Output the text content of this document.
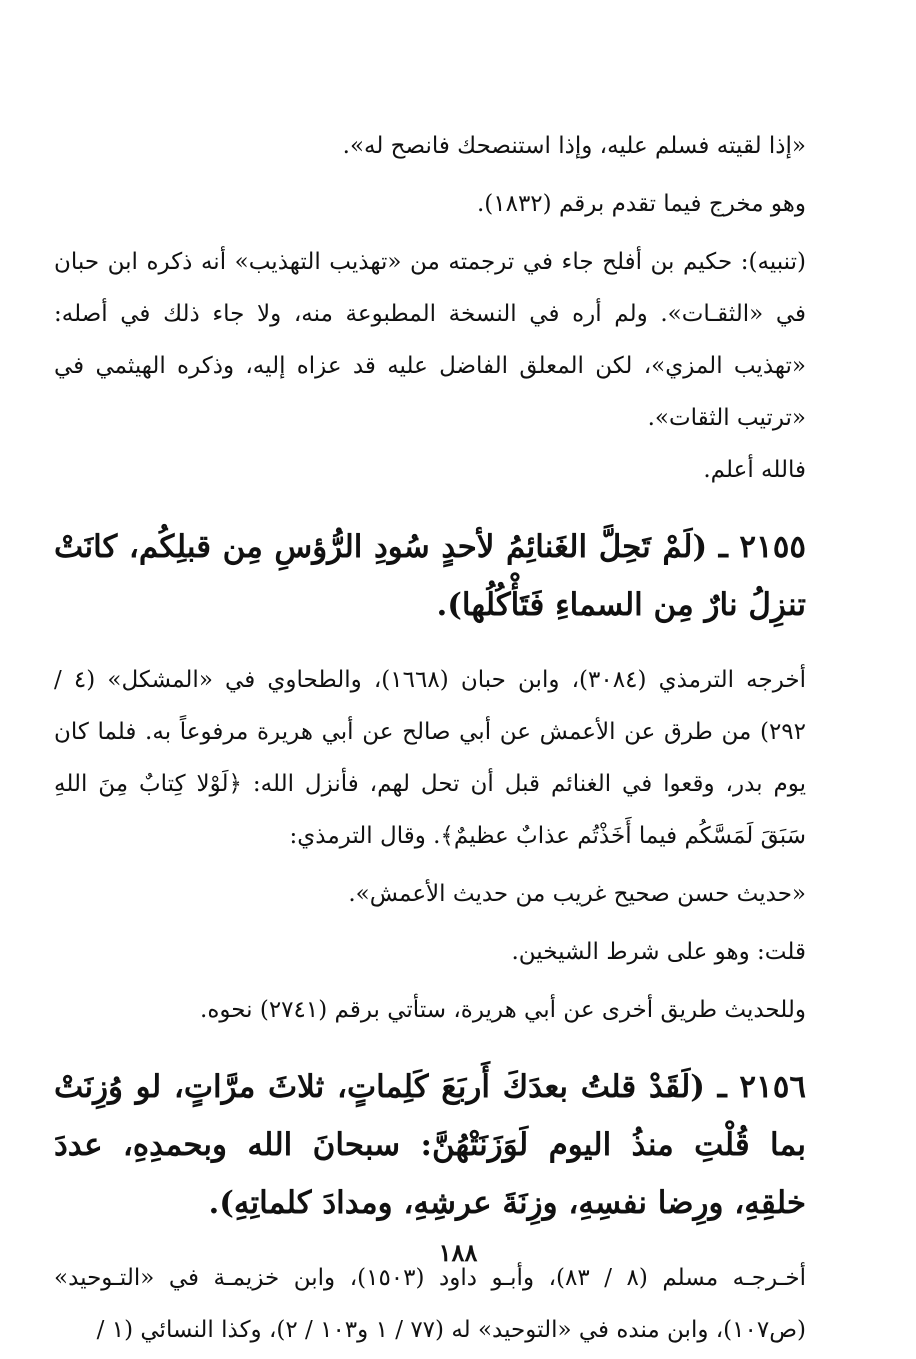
«إذا لقيته فسلم عليه، وإذا استنصحك فانصح له».

وهو مخرج فيما تقدم برقم (١٨٣٢).

(تنبيه): حكيم بن أفلح جاء في ترجمته من «تهذيب التهذيب» أنه ذكره ابن حبان في «الثقـات». ولم أره في النسخة المطبوعة منه، ولا جاء ذلك في أصله: «تهذيب المزي»، لكن المعلق الفاضل عليه قد عزاه إليه، وذكره الهيثمي في «ترتيب الثقات».

فالله أعلم.

٢١٥٥ ـ (لَمْ تَحِلَّ الغَنائِمُ لأحدٍ سُودِ الرُّؤسِ مِن قبلِكُم، كانَتْ تنزِلُ نارٌ مِن السماءِ فَتَأْكُلُها).

أخرجه الترمذي (٣٠٨٤)، وابن حبان (١٦٦٨)، والطحاوي في «المشكل» (٤ / ٢٩٢) من طرق عن الأعمش عن أبي صالح عن أبي هريرة مرفوعاً به. فلما كان يوم بدر، وقعوا في الغنائم قبل أن تحل لهم، فأنزل الله: ﴿لَوْلا كِتابٌ مِنَ اللهِ سَبَقَ لَمَسَّكُم فيما أَخَذْتُم عذابٌ عظيمٌ﴾. وقال الترمذي:

«حديث حسن صحيح غريب من حديث الأعمش».

قلت: وهو على شرط الشيخين.

وللحديث طريق أخرى عن أبي هريرة، ستأتي برقم (٢٧٤١) نحوه.

٢١٥٦ ـ (لَقَدْ قلتُ بعدَكَ أَربَعَ كَلِماتٍ، ثلاثَ مرَّاتٍ، لو وُزِنَتْ بما قُلْتِ منذُ اليوم لَوَزَنَتْهُنَّ: سبحانَ الله وبحمدِهِ، عددَ خلقِهِ، ورِضا نفسِهِ، وزِنَةَ عرشِهِ، ومدادَ كلماتِهِ).

أخـرجـه مسلم (٨ / ٨٣)، وأبـو داود (١٥٠٣)، وابن خزيمـة في «التـوحيد» (ص١٠٧)، وابن منده في «التوحيد» له (٧٧ / ١ و١٠٣ / ٢)، وكذا النسائي (١ /

١٨٨
